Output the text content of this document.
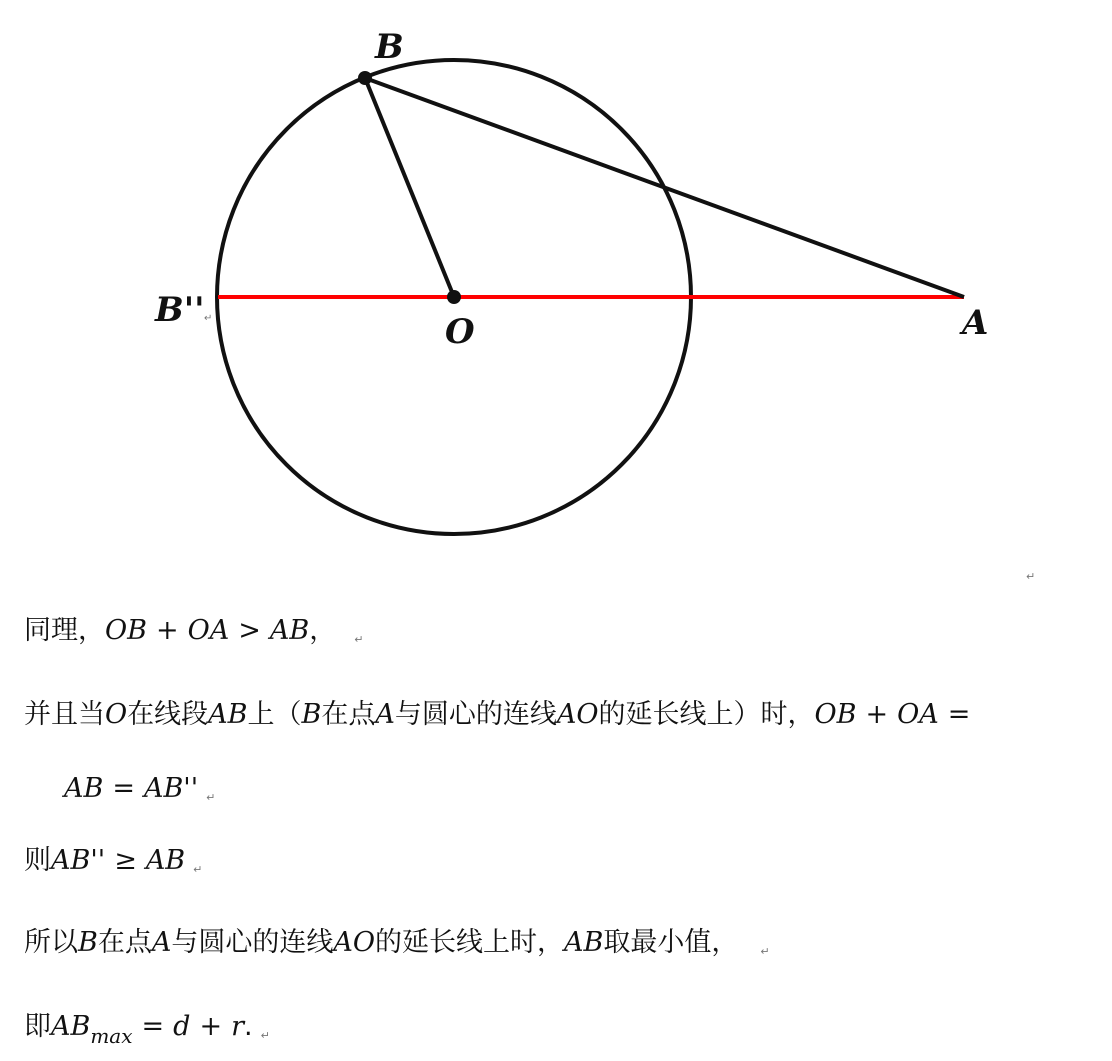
B
B''
O	A
↵
↵
同理，OB + OA > AB， ↵
并且当O在线段AB上（B在点A与圆心的连线AO的延长线上）时，OB + OA =
AB = AB'' ↵
则AB'' ≥ AB ↵
所以B在点A与圆心的连线AO的延长线上时，AB取最小值， ↵
即$AB_{max} = d + r$. ↵
